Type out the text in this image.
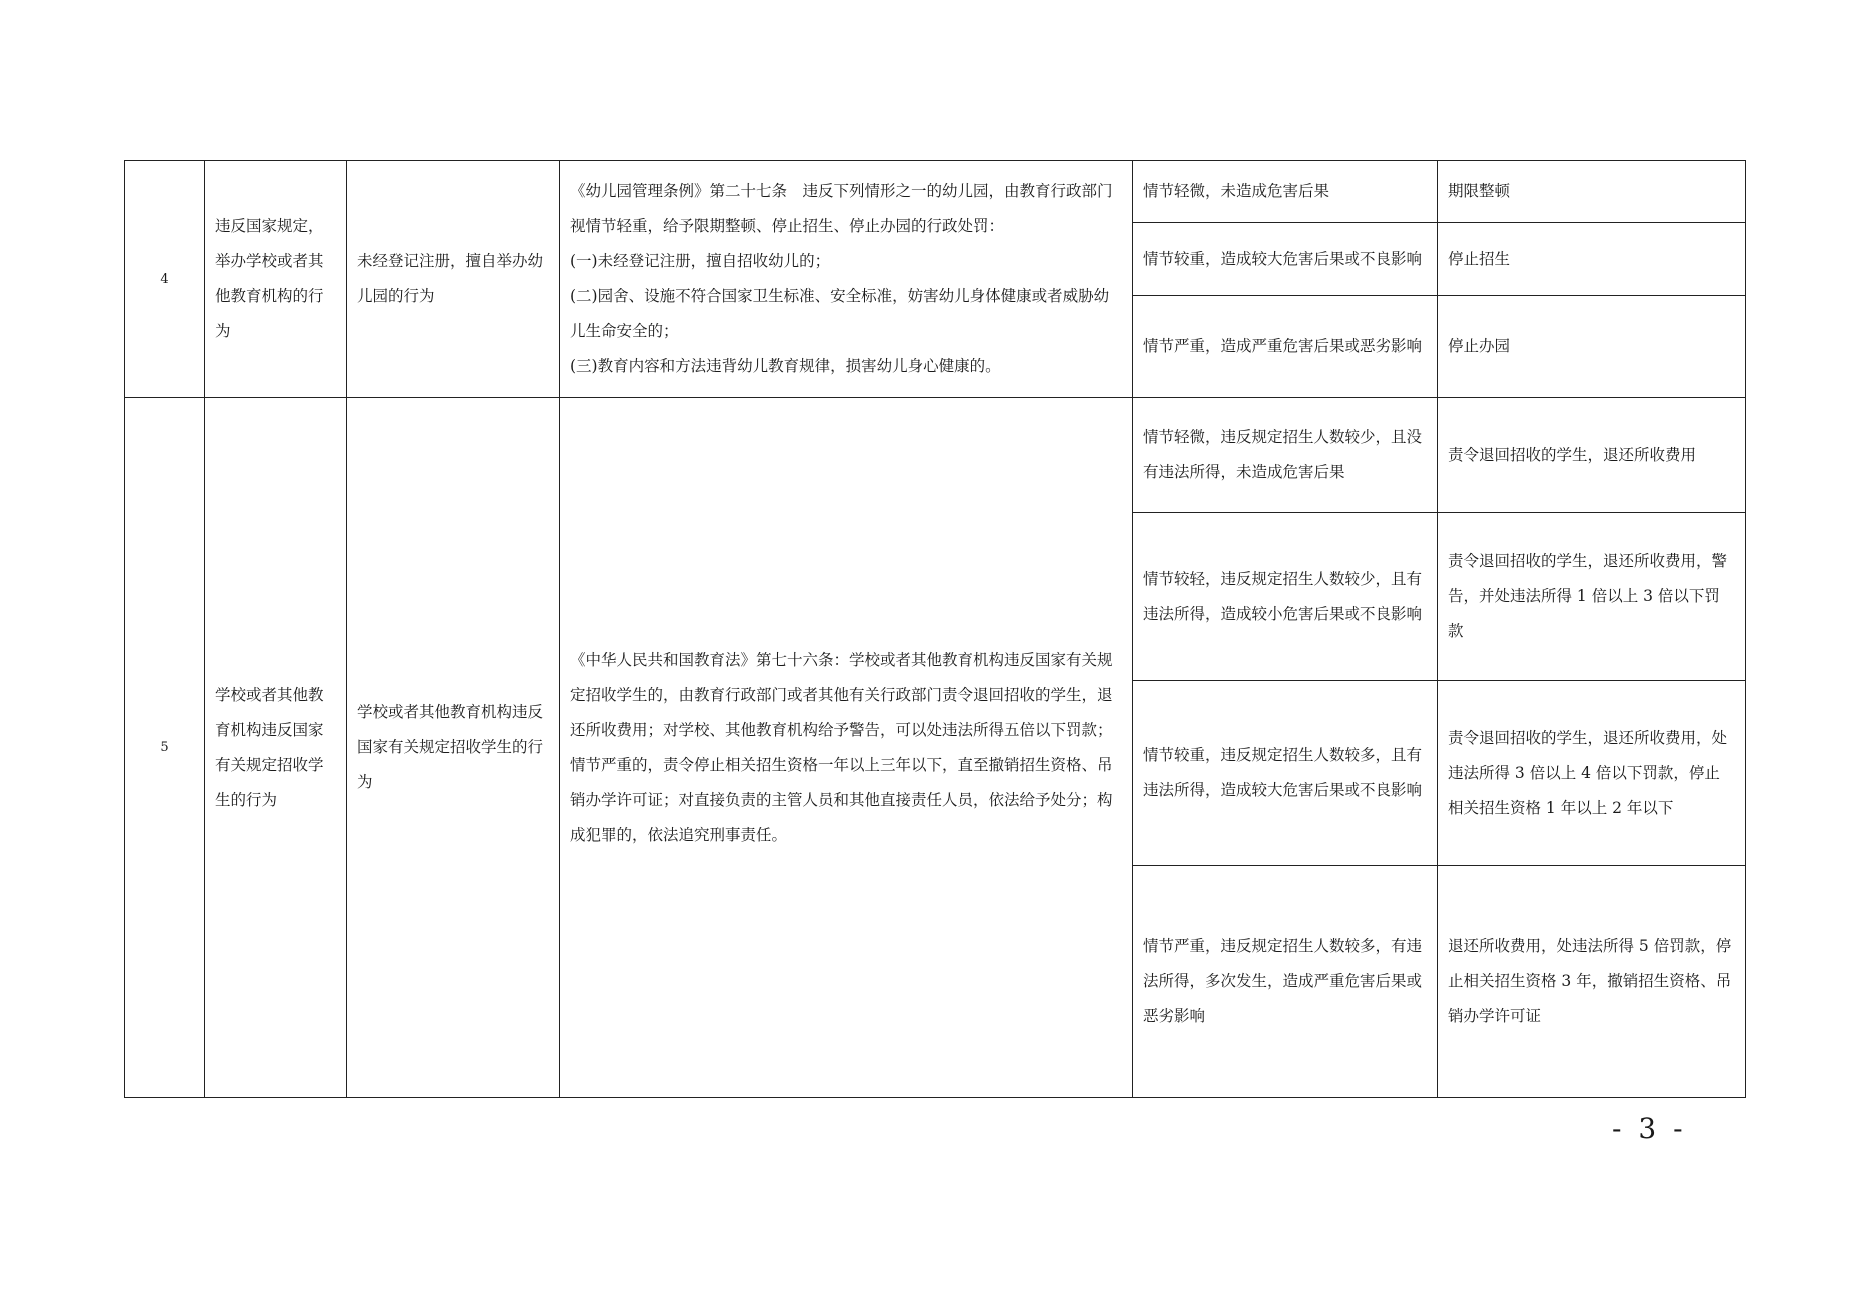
4	违反国家规定，举办学校或者其他教育机构的行为	未经登记注册，擅自举办幼儿园的行为	《幼儿园管理条例》第二十七条　违反下列情形之一的幼儿园，由教育行政部门视情节轻重，给予限期整顿、停止招生、停止办园的行政处罚：

(一)未经登记注册，擅自招收幼儿的；

(二)园舍、设施不符合国家卫生标准、安全标准，妨害幼儿身体健康或者威胁幼儿生命安全的；

(三)教育内容和方法违背幼儿教育规律，损害幼儿身心健康的。	情节轻微，未造成危害后果	期限整顿
				情节较重，造成较大危害后果或不良影响	停止招生
				情节严重，造成严重危害后果或恶劣影响	停止办园
5	学校或者其他教育机构违反国家有关规定招收学生的行为	学校或者其他教育机构违反国家有关规定招收学生的行为	《中华人民共和国教育法》第七十六条：学校或者其他教育机构违反国家有关规定招收学生的，由教育行政部门或者其他有关行政部门责令退回招收的学生，退还所收费用；对学校、其他教育机构给予警告，可以处违法所得五倍以下罚款；情节严重的，责令停止相关招生资格一年以上三年以下，直至撤销招生资格、吊销办学许可证；对直接负责的主管人员和其他直接责任人员，依法给予处分；构成犯罪的，依法追究刑事责任。	情节轻微，违反规定招生人数较少，且没有违法所得，未造成危害后果	责令退回招收的学生，退还所收费用
				情节较轻，违反规定招生人数较少，且有违法所得，造成较小危害后果或不良影响	责令退回招收的学生，退还所收费用，警告，并处违法所得 1 倍以上 3 倍以下罚款
				情节较重，违反规定招生人数较多，且有违法所得，造成较大危害后果或不良影响	责令退回招收的学生，退还所收费用，处违法所得 3 倍以上 4 倍以下罚款，停止相关招生资格 1 年以上 2 年以下
				情节严重，违反规定招生人数较多，有违法所得，多次发生，造成严重危害后果或恶劣影响	退还所收费用，处违法所得 5 倍罚款，停止相关招生资格 3 年，撤销招生资格、吊销办学许可证
- 3 -
